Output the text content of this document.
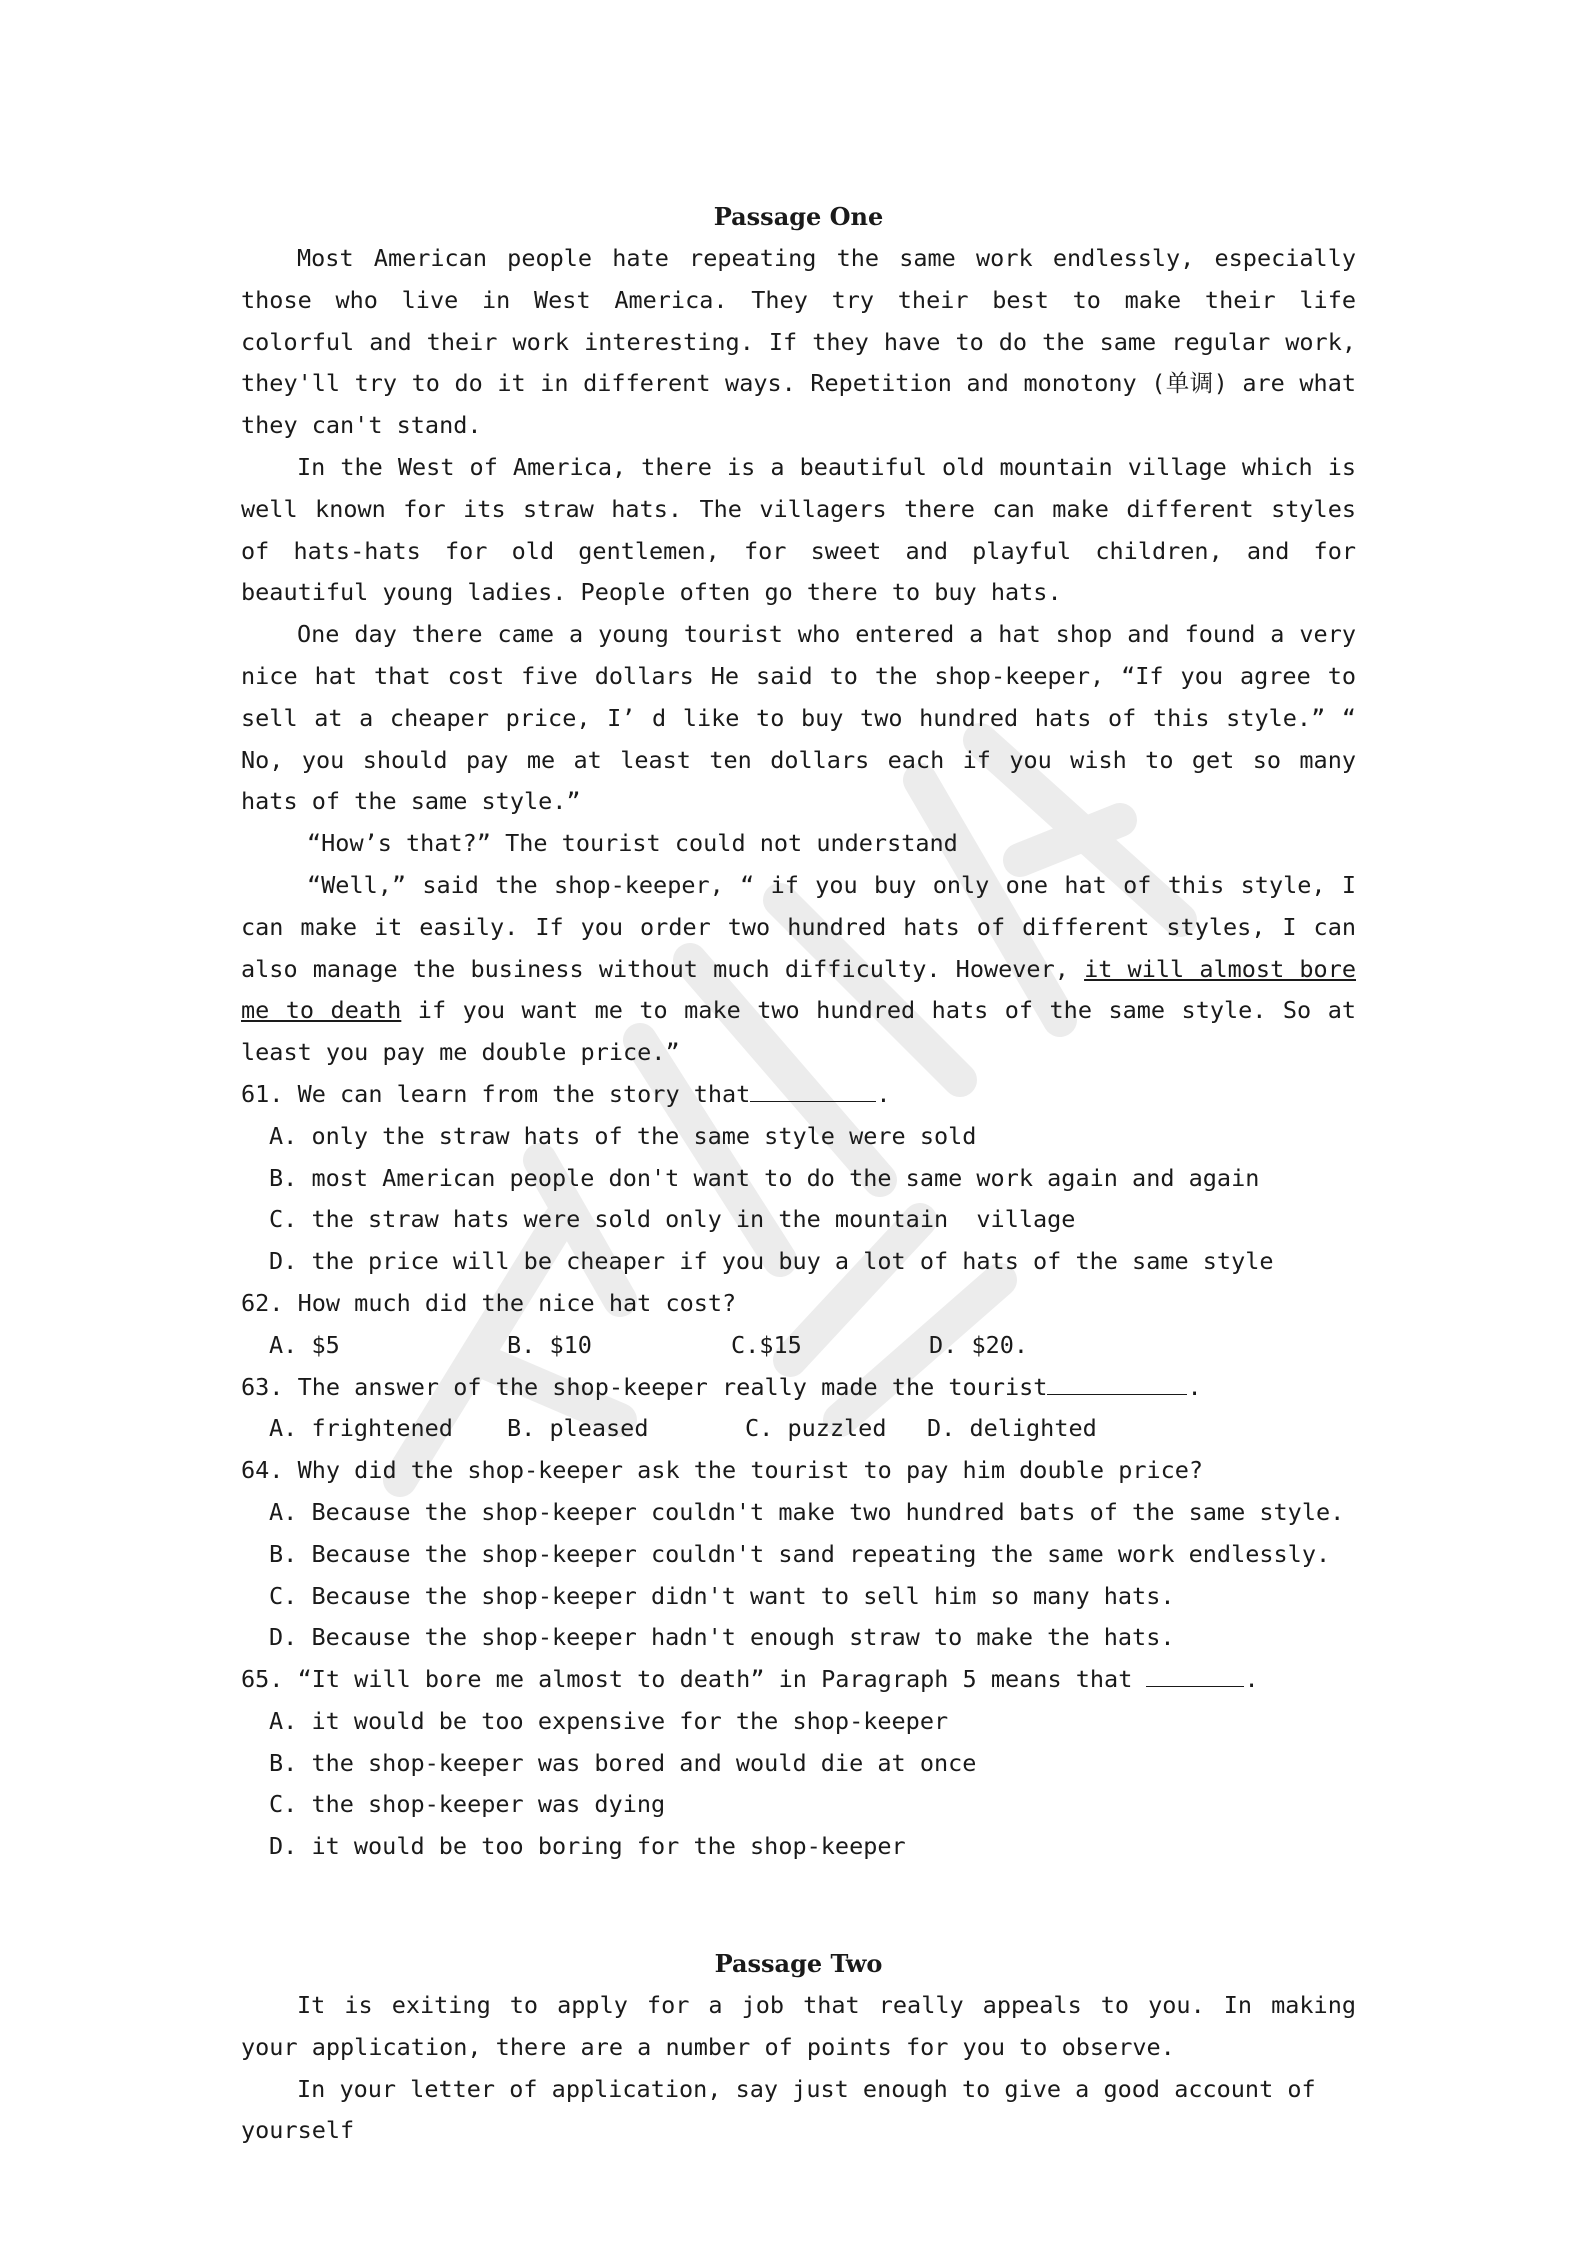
Passage One

Most American people hate repeating the same work endlessly, especially those who live in West America. They try their best to make their life colorful and their work interesting. If they have to do the same regular work, they'll try to do it in different ways. Repetition and monotony (单调) are what they can't stand.

In the West of America, there is a beautiful old mountain village which is well known for its straw hats. The villagers there can make different styles of hats-hats for old gentlemen, for sweet and playful children, and for beautiful young ladies. People often go there to buy hats.

One day there came a young tourist who entered a hat shop and found a very nice hat that cost five dollars He said to the shop-keeper, “If you agree to sell at a cheaper price, I’ d like to buy two hundred hats of this style.” “ No, you should pay me at least ten dollars each if you wish to get so many hats of the same style.”

“How’s that?” The tourist could not understand

“Well,” said the shop-keeper, “ if you buy only one hat of this style, I can make it easily. If you order two hundred hats of different styles, I can also manage the business without much difficulty. However, it will almost bore me to death if you want me to make two hundred hats of the same style. So at least you pay me double price.”

61. We can learn from the story that	.
A. only the straw hats of the same style were sold
B. most American people don't want to do the same work again and again
C. the straw hats were sold only in the mountain  village
D. the price will be cheaper if you buy a lot of hats of the same style
62. How much did the nice hat cost?
A. $5	B. $10	C.$15	D. $20.
63. The answer of the shop-keeper really made the tourist	.
A. frightened	B. pleased	C. puzzled	D. delighted
64. Why did the shop-keeper ask the tourist to pay him double price?
A. Because the shop-keeper couldn't make two hundred bats of the same style.
B. Because the shop-keeper couldn't sand repeating the same work endlessly.
C. Because the shop-keeper didn't want to sell him so many hats.
D. Because the shop-keeper hadn't enough straw to make the hats.
65. “It will bore me almost to death” in Paragraph 5 means that	.
A. it would be too expensive for the shop-keeper
B. the shop-keeper was bored and would die at once
C. the shop-keeper was dying
D. it would be too boring for the shop-keeper
Passage Two

It is exiting to apply for a job that really appeals to you. In making your application, there are a number of points for you to observe.

In your letter of application, say just enough to give a good account of yourself
